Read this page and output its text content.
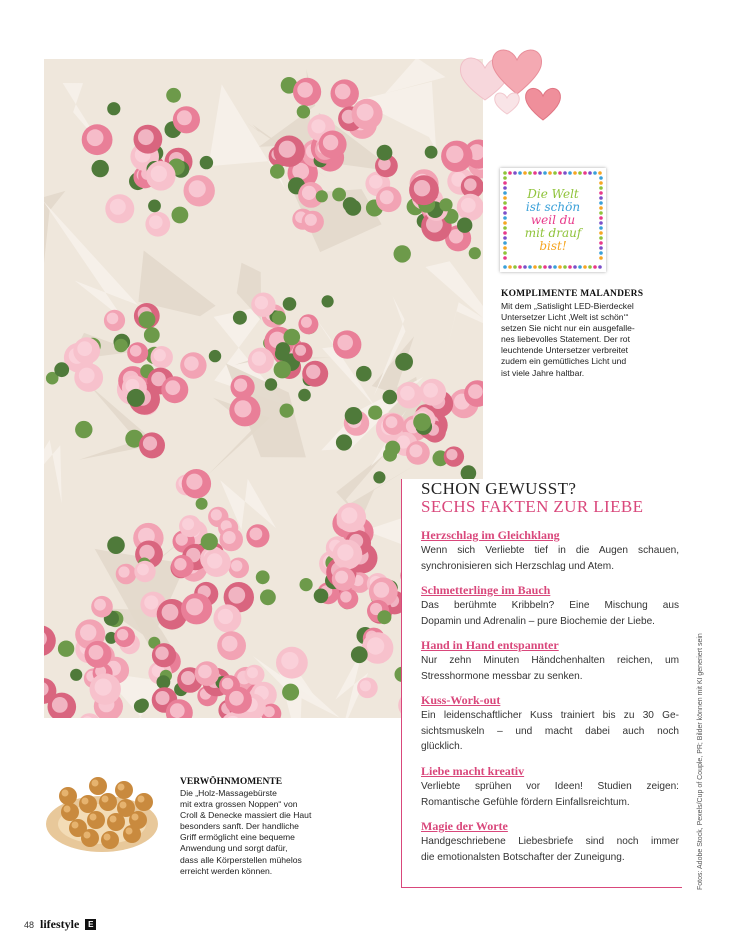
Die Welt
ist schön
weil du
mit drauf
bist!
KOMPLIMENTE MALANDERS
Mit dem „Satislight LED-Bierdeckel
Untersetzer Licht ‚Welt ist schön‘“
setzen Sie nicht nur ein ausgefalle-
nes liebevolles Statement. Der rot
leuchtende Untersetzer verbreitet
zudem ein gemütliches Licht und
ist viele Jahre haltbar.
SCHON GEWUSST?
SECHS FAKTEN ZUR LIEBE
Herzschlag im Gleichklang
Wenn sich Verliebte tief in die Augen schauen,
synchronisieren sich Herzschlag und Atem.
Schmetterlinge im Bauch
Das berühmte Kribbeln? Eine Mischung aus
Dopamin und Adrenalin – pure Biochemie der Liebe.
Hand in Hand entspannter
Nur zehn Minuten Händchenhalten reichen, um
Stresshormone messbar zu senken.
Kuss-Work-out
Ein leidenschaftlicher Kuss trainiert bis zu 30 Ge-
sichtsmuskeln – und macht dabei auch noch
glücklich.
Liebe macht kreativ
Verliebte sprühen vor Ideen! Studien zeigen:
Romantische Gefühle fördern Einfallsreichtum.
Magie der Worte
Handgeschriebene Liebesbriefe sind noch immer
die emotionalsten Botschafter der Zuneigung.	Fotos: Adobe Stock, Pexels/Cup of Couple, PR; Bilder können mit KI generiert sein
VERWÖHNMOMENTE
Die „Holz-Massagebürste
mit extra grossen Noppen“ von
Croll & Denecke massiert die Haut
besonders sanft. Der handliche
Griff ermöglicht eine bequeme
Anwendung und sorgt dafür,
dass alle Körperstellen mühelos
erreicht werden können.
48 lifestyle	E
